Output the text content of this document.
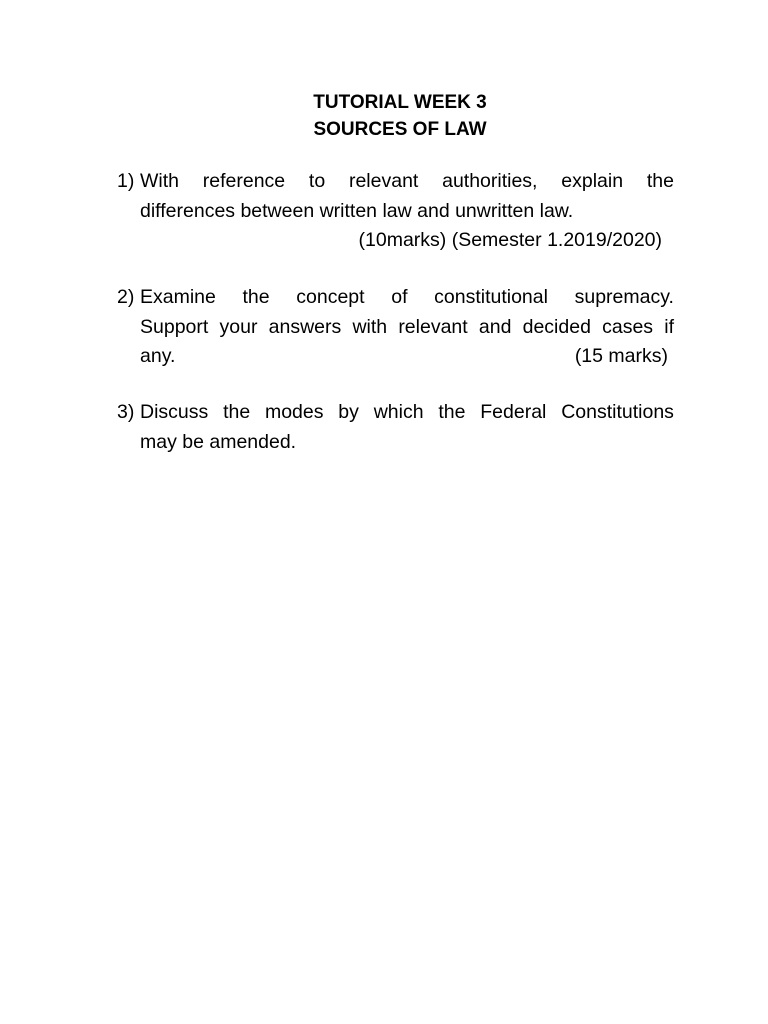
TUTORIAL WEEK 3
SOURCES OF LAW
1) With reference to relevant authorities, explain the
differences between written law and unwritten law.
(10marks) (Semester 1.2019/2020)
2) Examine the concept of constitutional supremacy.
Support your answers with relevant and decided cases if
any.	(15 marks)
3) Discuss the modes by which the Federal Constitutions
may be amended.
